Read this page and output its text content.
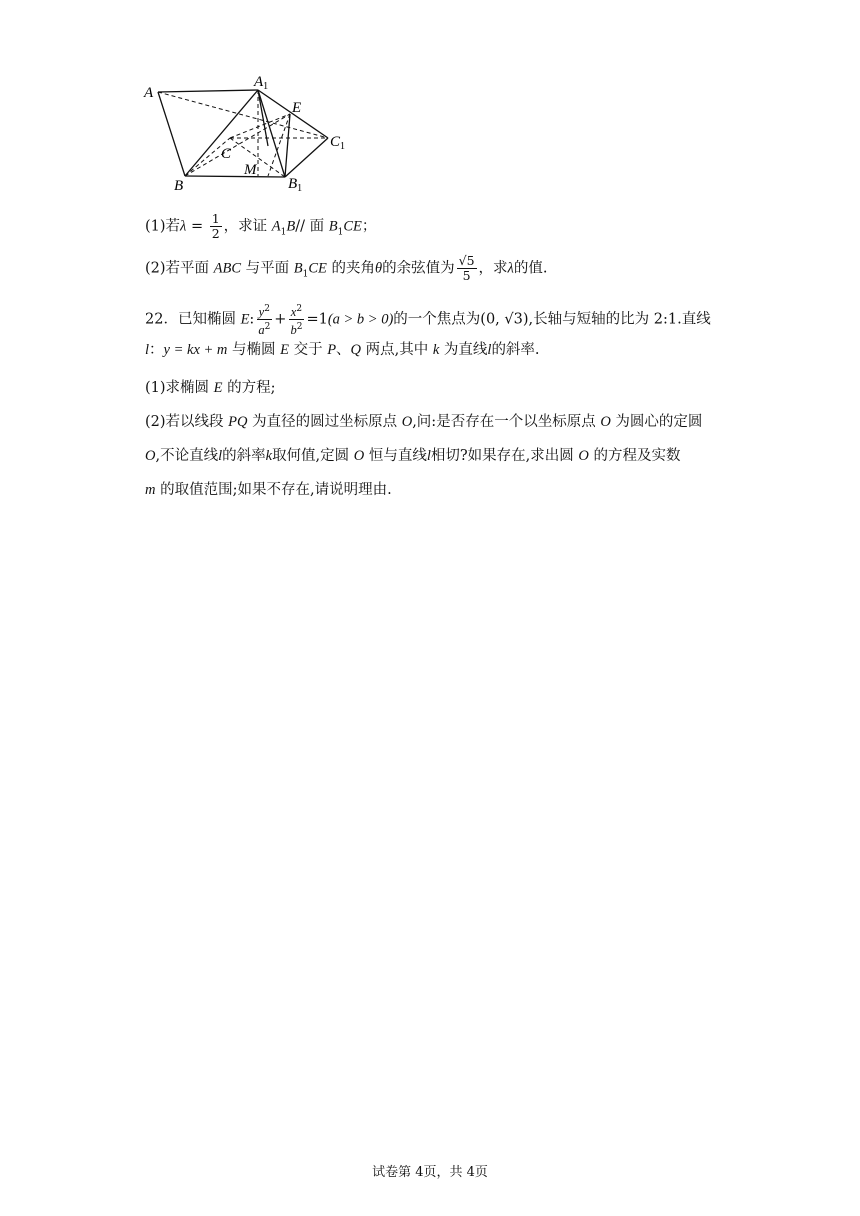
A
$A_1$
E
C
$C_1$
M
B	$B_1$
(1)若$\lambda = \frac{1}{2}$ ，求证 $A_1B//$ 面 $B_1CE$；
(2)若平面 ABC 与平面 $B_1CE$ 的夹角θ的余弦值为 $\frac{√5}{5}$ ，求λ的值.
22．已知椭圆 E: $\frac{y^2}{a^2} + \frac{x^2}{b^2} =1(a > b > 0)$的一个焦点为(0, √3),长轴与短轴的比为 2:1.直线
l：y = kx + m 与椭圆 E 交于 P、Q 两点,其中 k 为直线l的斜率.
(1)求椭圆 E 的方程;
(2)若以线段 PQ 为直径的圆过坐标原点 O,问:是否存在一个以坐标原点 O 为圆心的定圆
O,不论直线l的斜率k取何值,定圆 O 恒与直线l相切?如果存在,求出圆 O 的方程及实数
m 的取值范围;如果不存在,请说明理由.
试卷第 4页，共 4页
